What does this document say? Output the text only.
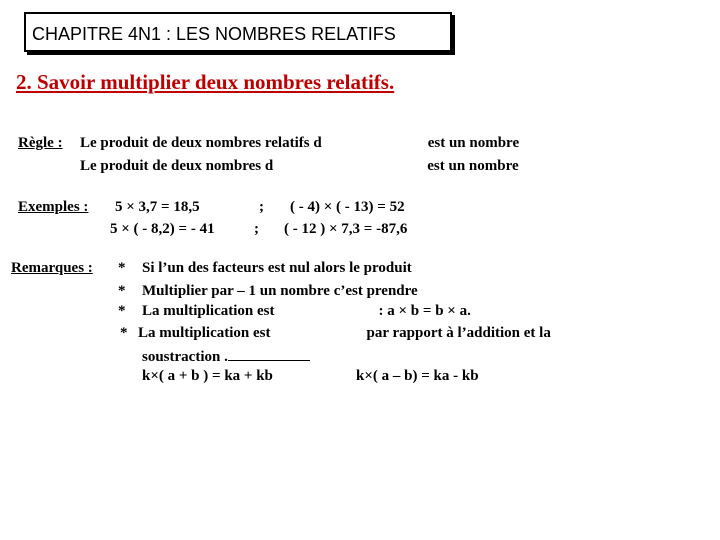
CHAPITRE 4N1 : LES NOMBRES RELATIFS
2. Savoir multiplier deux nombres relatifs.
Règle : Le produit de deux nombres relatifs d	est un nombre
Le produit de deux nombres d	est un nombre
Exemples : 5 × 3,7 = 18,5	; ( - 4) × ( - 13) = 52
5 × ( - 8,2) = - 41	; ( - 12 ) × 7,3 = -87,6
Remarques : * Si l’un des facteurs est nul alors le produit
* Multiplier par – 1 un nombre c’est prendre
* La multiplication est	: a × b = b × a.
* La multiplication est	par rapport à l’addition et la
soustraction .
k×( a + b ) = ka + kb	k×( a – b) = ka - kb
